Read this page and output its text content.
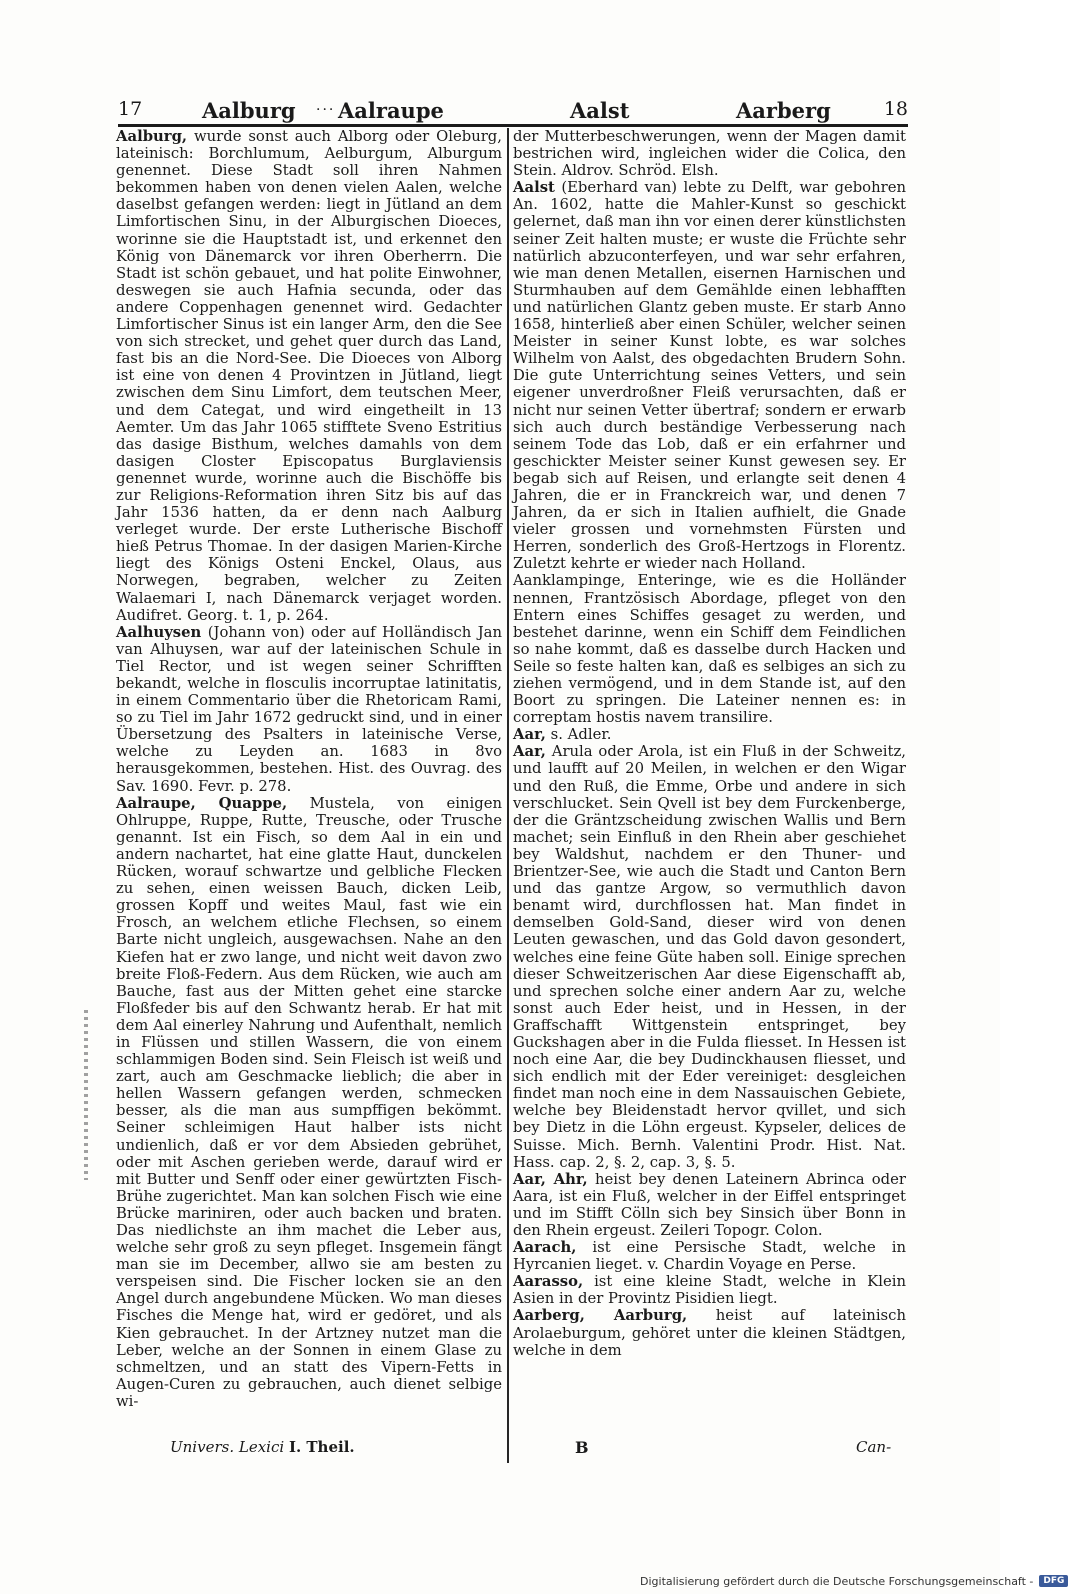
17	Aalburg ··· Aalraupe	Aalst	Aarberg	18

Aalburg, wurde sonst auch Alborg oder Oleburg, lateinisch: Borchlumum, Aelburgum, Alburgum genennet. Diese Stadt soll ihren Nahmen bekommen haben von denen vielen Aalen, welche daselbst gefangen werden: liegt in Jütland an dem Limfortischen Sinu, in der Alburgischen Dioeces, worinne sie die Hauptstadt ist, und erkennet den König von Dänemarck vor ihren Oberherrn. Die Stadt ist schön gebauet, und hat polite Einwohner, deswegen sie auch Hafnia secunda, oder das andere Coppenhagen genennet wird. Gedachter Limfortischer Sinus ist ein langer Arm, den die See von sich strecket, und gehet quer durch das Land, fast bis an die Nord-See. Die Dioeces von Alborg ist eine von denen 4 Provintzen in Jütland, liegt zwischen dem Sinu Limfort, dem teutschen Meer, und dem Categat, und wird eingetheilt in 13 Aemter. Um das Jahr 1065 stifftete Sveno Estritius das dasige Bisthum, welches damahls von dem dasigen Closter Episcopatus Burglaviensis genennet wurde, worinne auch die Bischöffe bis zur Religions-Reformation ihren Sitz bis auf das Jahr 1536 hatten, da er denn nach Aalburg verleget wurde. Der erste Lutherische Bischoff hieß Petrus Thomae. In der dasigen Marien-Kirche liegt des Königs Osteni Enckel, Olaus, aus Norwegen, begraben, welcher zu Zeiten Walaemari I, nach Dänemarck verjaget worden. Audifret. Georg. t. 1, p. 264.

Aalhuysen (Johann von) oder auf Holländisch Jan van Alhuysen, war auf der lateinischen Schule in Tiel Rector, und ist wegen seiner Schrifften bekandt, welche in flosculis incorruptae latinitatis, in einem Commentario über die Rhetoricam Rami, so zu Tiel im Jahr 1672 gedruckt sind, und in einer Übersetzung des Psalters in lateinische Verse, welche zu Leyden an. 1683 in 8vo herausgekommen, bestehen. Hist. des Ouvrag. des Sav. 1690. Fevr. p. 278.

Aalraupe, Quappe, Mustela, von einigen Ohlruppe, Ruppe, Rutte, Treusche, oder Trusche genannt. Ist ein Fisch, so dem Aal in ein und andern nachartet, hat eine glatte Haut, dunckelen Rücken, worauf schwartze und gelbliche Flecken zu sehen, einen weissen Bauch, dicken Leib, grossen Kopff und weites Maul, fast wie ein Frosch, an welchem etliche Flechsen, so einem Barte nicht ungleich, ausgewachsen. Nahe an den Kiefen hat er zwo lange, und nicht weit davon zwo breite Floß-Federn. Aus dem Rücken, wie auch am Bauche, fast aus der Mitten gehet eine starcke Floßfeder bis auf den Schwantz herab. Er hat mit dem Aal einerley Nahrung und Aufenthalt, nemlich in Flüssen und stillen Wassern, die von einem schlammigen Boden sind. Sein Fleisch ist weiß und zart, auch am Geschmacke lieblich; die aber in hellen Wassern gefangen werden, schmecken besser, als die man aus sumpffigen bekömmt. Seiner schleimigen Haut halber ists nicht undienlich, daß er vor dem Absieden gebrühet, oder mit Aschen gerieben werde, darauf wird er mit Butter und Senff oder einer gewürtzten Fisch-Brühe zugerichtet. Man kan solchen Fisch wie eine Brücke mariniren, oder auch backen und braten. Das niedlichste an ihm machet die Leber aus, welche sehr groß zu seyn pfleget. Insgemein fängt man sie im December, allwo sie am besten zu verspeisen sind. Die Fischer locken sie an den Angel durch angebundene Mücken. Wo man dieses Fisches die Menge hat, wird er gedöret, und als Kien gebrauchet. In der Artzney nutzet man die Leber, welche an der Sonnen in einem Glase zu schmeltzen, und an statt des Vipern-Fetts in Augen-Curen zu gebrauchen, auch dienet selbige wi-

der Mutterbeschwerungen, wenn der Magen damit bestrichen wird, ingleichen wider die Colica, den Stein. Aldrov. Schröd. Elsh.

Aalst (Eberhard van) lebte zu Delft, war gebohren An. 1602, hatte die Mahler-Kunst so geschickt gelernet, daß man ihn vor einen derer künstlichsten seiner Zeit halten muste; er wuste die Früchte sehr natürlich abzuconterfeyen, und war sehr erfahren, wie man denen Metallen, eisernen Harnischen und Sturmhauben auf dem Gemählde einen lebhafften und natürlichen Glantz geben muste. Er starb Anno 1658, hinterließ aber einen Schüler, welcher seinen Meister in seiner Kunst lobte, es war solches Wilhelm von Aalst, des obgedachten Brudern Sohn. Die gute Unterrichtung seines Vetters, und sein eigener unverdroßner Fleiß verursachten, daß er nicht nur seinen Vetter übertraf; sondern er erwarb sich auch durch beständige Verbesserung nach seinem Tode das Lob, daß er ein erfahrner und geschickter Meister seiner Kunst gewesen sey. Er begab sich auf Reisen, und erlangte seit denen 4 Jahren, die er in Franckreich war, und denen 7 Jahren, da er sich in Italien aufhielt, die Gnade vieler grossen und vornehmsten Fürsten und Herren, sonderlich des Groß-Hertzogs in Florentz. Zuletzt kehrte er wieder nach Holland.

Aanklampinge, Enteringe, wie es die Holländer nennen, Frantzösisch Abordage, pfleget von den Entern eines Schiffes gesaget zu werden, und bestehet darinne, wenn ein Schiff dem Feindlichen so nahe kommt, daß es dasselbe durch Hacken und Seile so feste halten kan, daß es selbiges an sich zu ziehen vermögend, und in dem Stande ist, auf den Boort zu springen. Die Lateiner nennen es: in correptam hostis navem transilire.

Aar, s. Adler.

Aar, Arula oder Arola, ist ein Fluß in der Schweitz, und laufft auf 20 Meilen, in welchen er den Wigar und den Ruß, die Emme, Orbe und andere in sich verschlucket. Sein Qvell ist bey dem Furckenberge, der die Gräntzscheidung zwischen Wallis und Bern machet; sein Einfluß in den Rhein aber geschiehet bey Waldshut, nachdem er den Thuner- und Brientzer-See, wie auch die Stadt und Canton Bern und das gantze Argow, so vermuthlich davon benamt wird, durchflossen hat. Man findet in demselben Gold-Sand, dieser wird von denen Leuten gewaschen, und das Gold davon gesondert, welches eine feine Güte haben soll. Einige sprechen dieser Schweitzerischen Aar diese Eigenschafft ab, und sprechen solche einer andern Aar zu, welche sonst auch Eder heist, und in Hessen, in der Graffschafft Wittgenstein entspringet, bey Guckshagen aber in die Fulda fliesset. In Hessen ist noch eine Aar, die bey Dudinckhausen fliesset, und sich endlich mit der Eder vereiniget: desgleichen findet man noch eine in dem Nassauischen Gebiete, welche bey Bleidenstadt hervor qvillet, und sich bey Dietz in die Löhn ergeust. Kypseler, delices de Suisse. Mich. Bernh. Valentini Prodr. Hist. Nat. Hass. cap. 2, §. 2, cap. 3, §. 5.

Aar, Ahr, heist bey denen Lateinern Abrinca oder Aara, ist ein Fluß, welcher in der Eiffel entspringet und im Stifft Cölln sich bey Sinsich über Bonn in den Rhein ergeust. Zeileri Topogr. Colon.

Aarach, ist eine Persische Stadt, welche in Hyrcanien lieget. v. Chardin Voyage en Perse.

Aarasso, ist eine kleine Stadt, welche in Klein Asien in der Provintz Pisidien liegt.

Aarberg, Aarburg, heist auf lateinisch Arolaeburgum, gehöret unter die kleinen Städtgen, welche in dem

Univers. Lexici I. Theil.	B	Can-
Digitalisierung gefördert durch die Deutsche Forschungsgemeinschaft -	DFG
